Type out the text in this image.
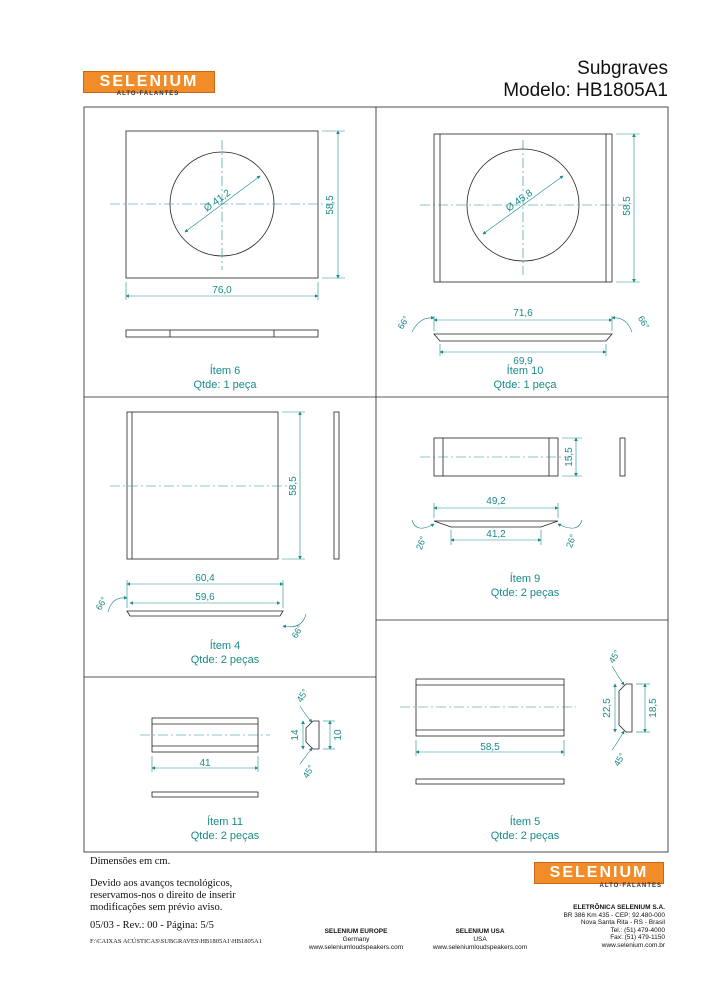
SELENIUM
ALTO-FALANTES
Subgraves
Modelo: HB1805A1
76,0
58,5
Ø 41,2
71,6
69,9
58,5
Ø 45,8
66°	66°
60,4
59,6
58,5
66°
66°
49,2
41,2
15,5
26°	26°
41
14	10
45°
45°
58,5
22,5	18,5
45°
45°
Ítem 6
Qtde: 1 peça
Ítem 10
Qtde: 1 peça
Ítem 4
Qtde: 2 peças
Ítem 9
Qtde: 2 peças
Ítem 11
Qtde: 2 peças
Ítem 5
Qtde: 2 peças
Dimensões em cm.
Devido aos avanços tecnológicos,
reservamos-nos o direito de inserir
modificações sem prévio aviso.
05/03 - Rev.: 00 - Página: 5/5
F:\CAIXAS ACÚSTICAS\SUBGRAVES\HB1805A1\HB1805A1
SELENIUM EUROPE
Germany
www.seleniumloudspeakers.com
SELENIUM USA
USA
www.seleniumloudspeakers.com
SELENIUM
ALTO-FALANTES
ELETRÔNICA SELENIUM S.A.
BR 386 Km 435 - CEP: 92.480-000
Nova Santa Rita - RS - Brasil
Tel.: (51) 479-4000
Fax: (51) 479-1150
www.selenium.com.br
